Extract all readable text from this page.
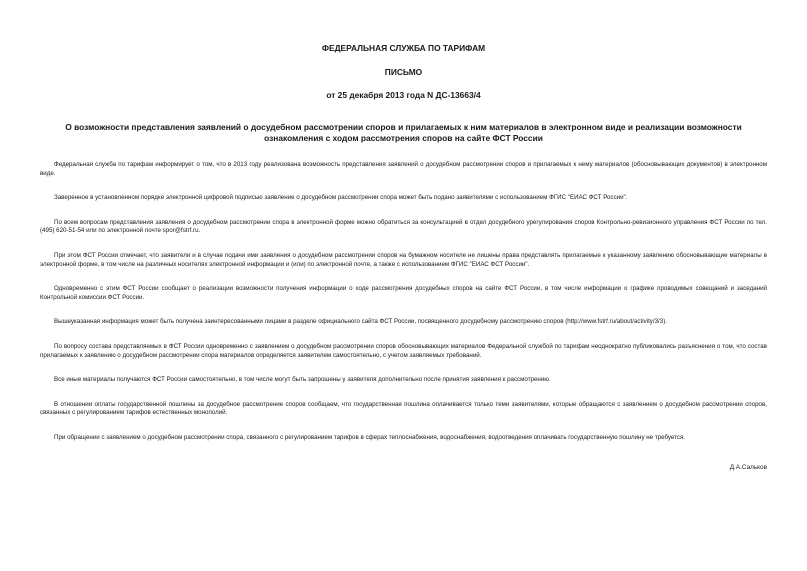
ФЕДЕРАЛЬНАЯ СЛУЖБА ПО ТАРИФАМ

ПИСЬМО

от 25 декабря 2013 года N ДС-13663/4

О возможности представления заявлений о досудебном рассмотрении споров и прилагаемых к ним материалов в электронном виде и реализации возможности ознакомления с ходом рассмотрения споров на сайте ФСТ России

Федеральная служба по тарифам информирует о том, что в 2013 году реализована возможность представления заявлений о досудебном рассмотрении споров и прилагаемых к нему материалов (обосновывающих документов) в электронном виде.

Заверенное в установленном порядке электронной цифровой подписью заявление о досудебном рассмотрении спора может быть подано заявителями с использованием ФГИС "ЕИАС ФСТ России".

По всем вопросам представления заявления о досудебном рассмотрении спора в электронной форме можно обратиться за консультацией в отдел досудебного урегулирования споров Контрольно-ревизионного управления ФСТ России по тел. (495) 620-51-54 или по электронной почте spor@fstrf.ru.

При этом ФСТ России отмечает, что заявители и в случае подачи ими заявления о досудебном рассмотрении споров на бумажном носителе не лишены права представлять прилагаемые к указанному заявлению обосновывающие материалы в электронной форме, в том числе на различных носителях электронной информации и (или) по электронной почте, а также с использованием ФГИС "ЕИАС ФСТ России".

Одновременно с этим ФСТ России сообщает о реализации возможности получения информации о ходе рассмотрения досудебных споров на сайте ФСТ России, в том числе информации о графике проводимых совещаний и заседаний Контрольной комиссии ФСТ России.

Вышеуказанная информация может быть получена заинтересованными лицами в разделе официального сайта ФСТ России, посвященного досудебному рассмотрению споров (http://www.fstrf.ru/about/activity/3/3).

По вопросу состава представляемых в ФСТ России одновременно с заявлением о досудебном рассмотрении споров обосновывающих материалов Федеральной службой по тарифам неоднократно публиковались разъяснения о том, что состав прилагаемых к заявлению о досудебном рассмотрении спора материалов определяется заявителем самостоятельно, с учетом заявляемых требований.

Все иные материалы получаются ФСТ России самостоятельно, в том числе могут быть запрошены у заявителя дополнительно после принятия заявления к рассмотрению.

В отношении оплаты государственной пошлины за досудебное рассмотрение споров сообщаем, что государственная пошлина оплачивается только теми заявителями, которые обращаются с заявлением о досудебном рассмотрении споров, связанных с регулированием тарифов естественных монополий.

При обращении с заявлением о досудебном рассмотрении спора, связанного с регулированием тарифов в сферах теплоснабжения, водоснабжения, водоотведения оплачивать государственную пошлину не требуется.

Д.А.Сальков
